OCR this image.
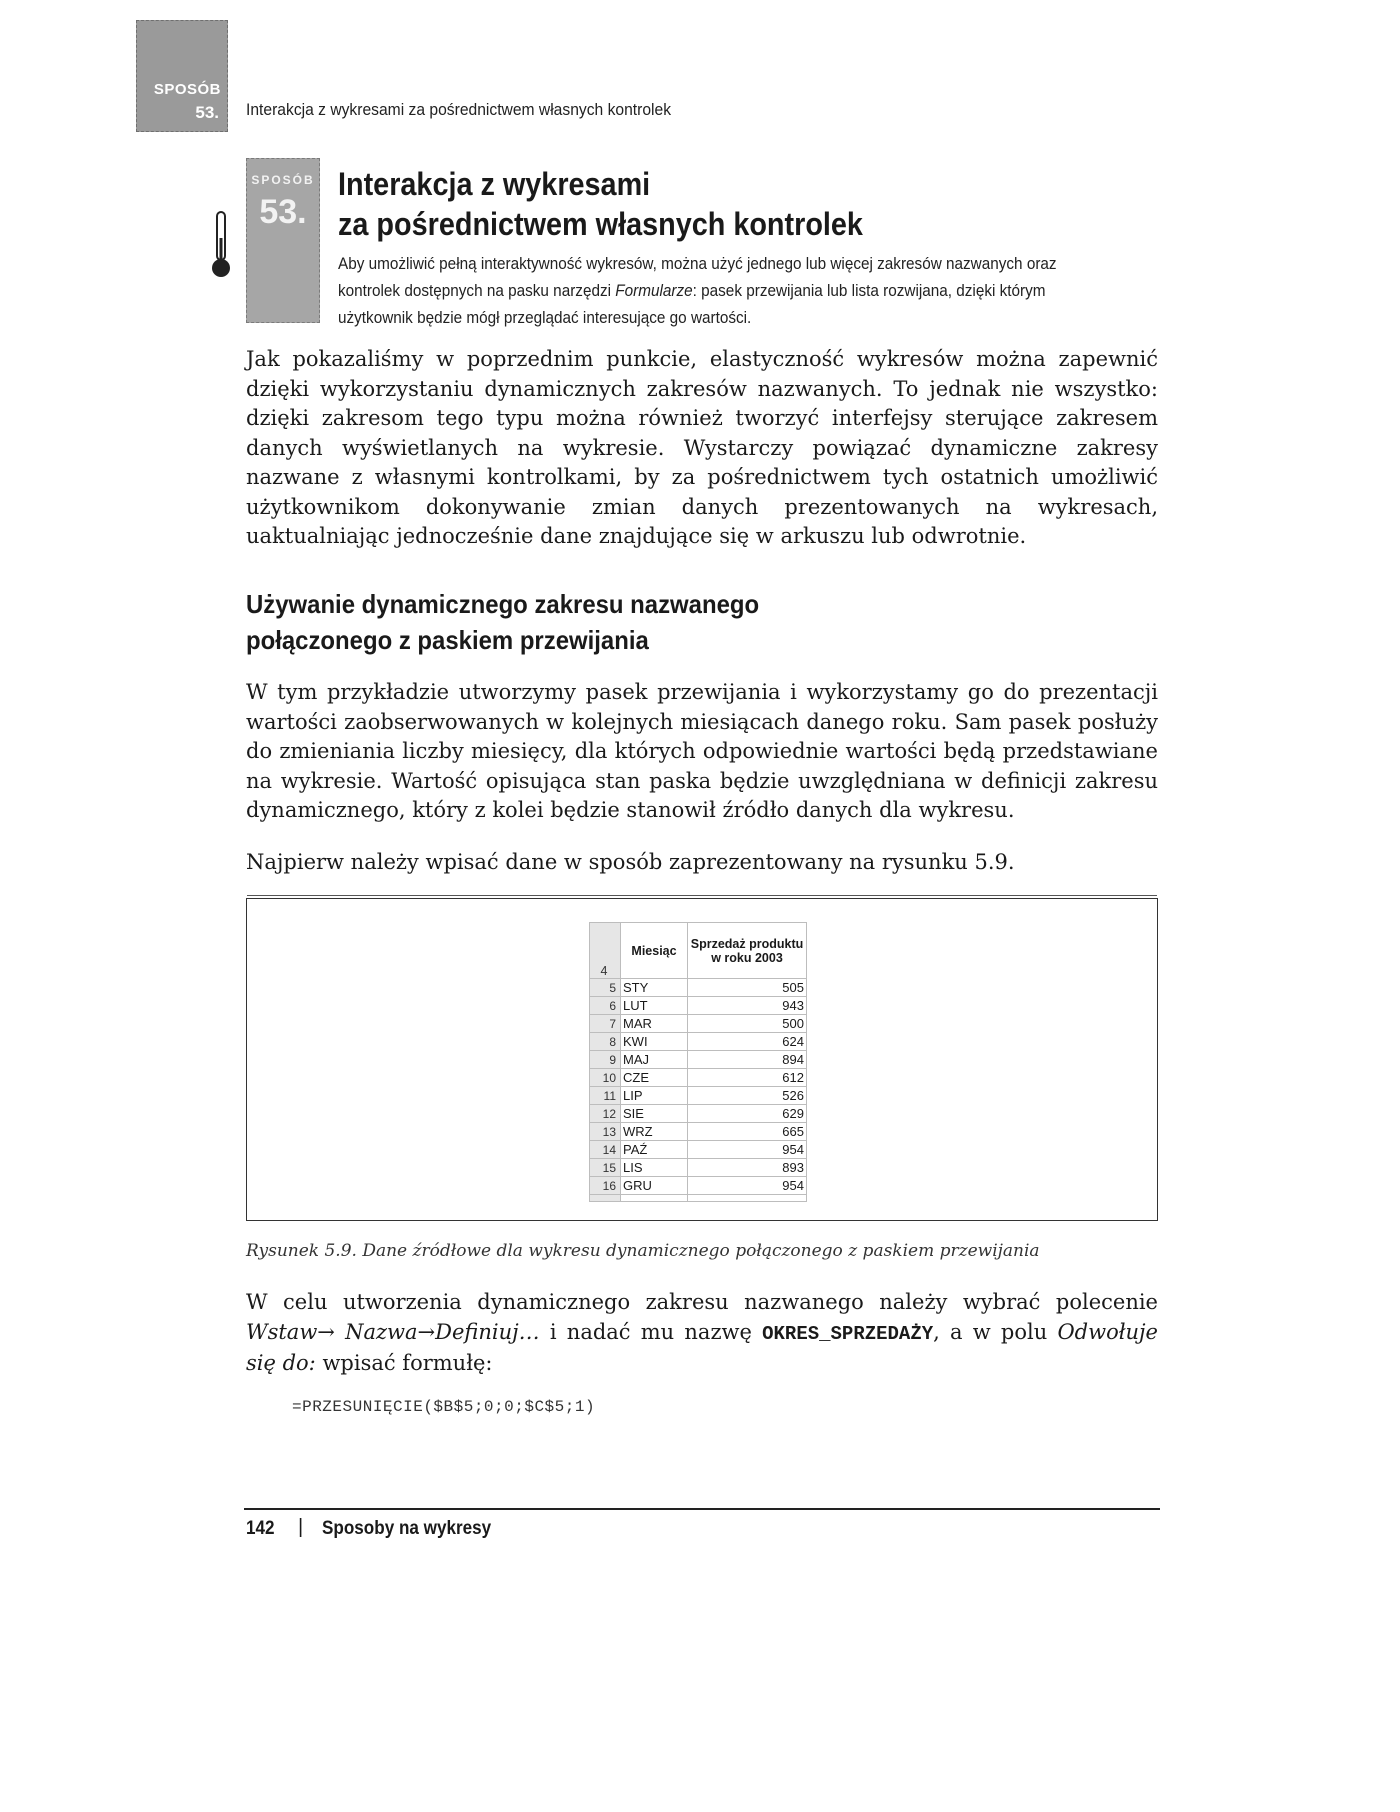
SPOSÓB
53. Interakcja z wykresami za pośrednictwem własnych kontrolek
SPOSÓB
53.
Interakcja z wykresami
za pośrednictwem własnych kontrolek
Aby umożliwić pełną interaktywność wykresów, można użyć jednego lub więcej zakresów nazwanych oraz kontrolek dostępnych na pasku narzędzi Formularze: pasek przewijania lub lista rozwijana, dzięki którym użytkownik będzie mógł przeglądać interesujące go wartości.
Jak pokazaliśmy w poprzednim punkcie, elastyczność wykresów można zapewnić dzięki wykorzystaniu dynamicznych zakresów nazwanych. To jednak nie wszystko: dzięki zakresom tego typu można również tworzyć interfejsy sterujące zakresem danych wyświetlanych na wykresie. Wystarczy powiązać dynamiczne zakresy nazwane z własnymi kontrolkami, by za pośrednictwem tych ostatnich umożliwić użytkownikom dokonywanie zmian danych prezentowanych na wykresach, uaktualniając jednocześnie dane znajdujące się w arkuszu lub odwrotnie.
Używanie dynamicznego zakresu nazwanego
połączonego z paskiem przewijania
W tym przykładzie utworzymy pasek przewijania i wykorzystamy go do prezentacji wartości zaobserwowanych w kolejnych miesiącach danego roku. Sam pasek posłuży do zmieniania liczby miesięcy, dla których odpowiednie wartości będą przedstawiane na wykresie. Wartość opisująca stan paska będzie uwzględniana w definicji zakresu dynamicznego, który z kolei będzie stanowił źródło danych dla wykresu.
Najpierw należy wpisać dane w sposób zaprezentowany na rysunku 5.9.
4	Miesiąc	Sprzedaż produktu w roku 2003
5	STY	505
6	LUT	943
7	MAR	500
8	KWI	624
9	MAJ	894
10	CZE	612
11	LIP	526
12	SIE	629
13	WRZ	665
14	PAŹ	954
15	LIS	893
16	GRU	954

Rysunek 5.9. Dane źródłowe dla wykresu dynamicznego połączonego z paskiem przewijania
W celu utworzenia dynamicznego zakresu nazwanego należy wybrać polecenie Wstaw→ Nazwa→Definiuj… i nadać mu nazwę OKRES_SPRZEDAŻY, a w polu Odwołuje się do: wpisać formułę:
=PRZESUNIĘCIE($B$5;0;0;$C$5;1)
142 | Sposoby na wykresy
